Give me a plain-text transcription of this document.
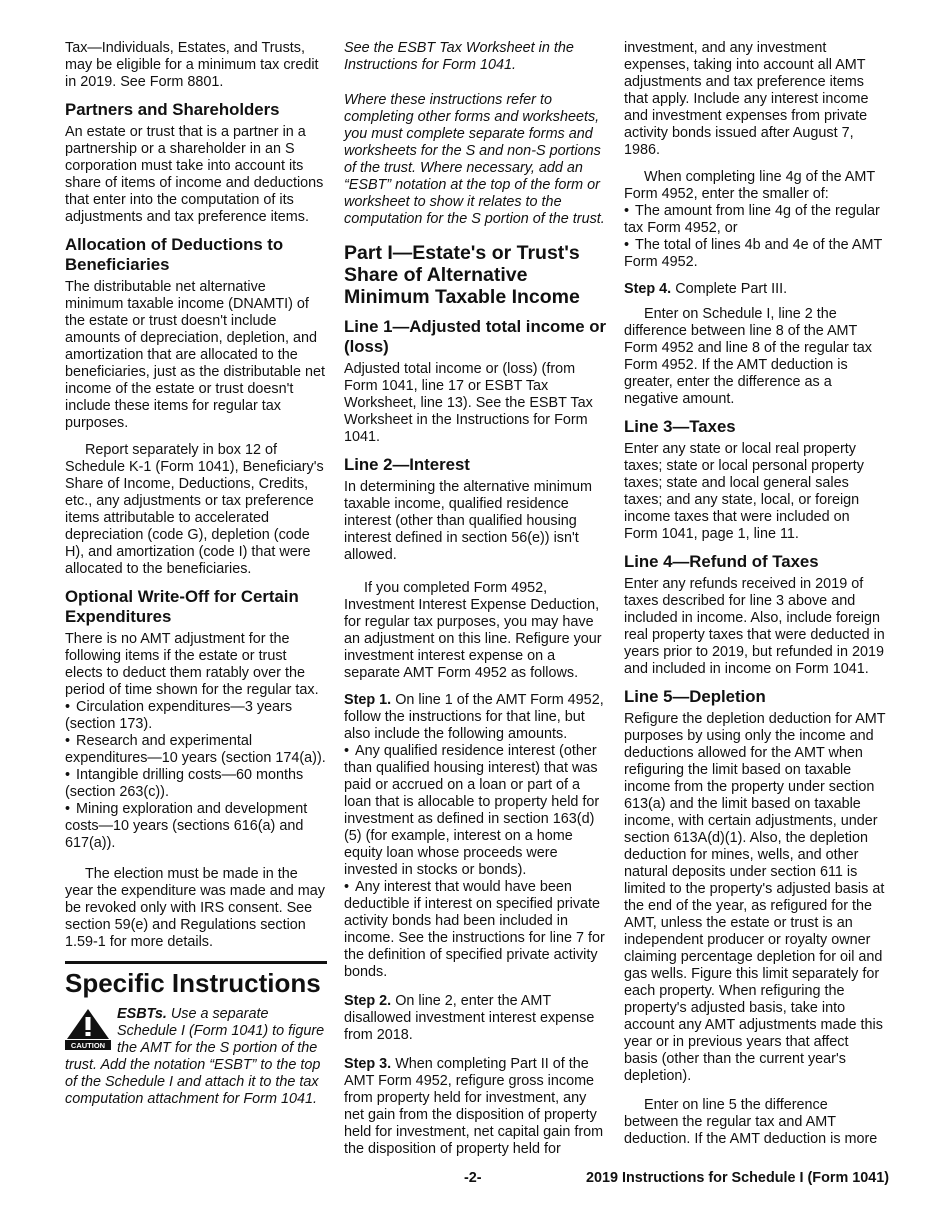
Tax—Individuals, Estates, and Trusts, may be eligible for a minimum tax credit in 2019. See Form 8801.

Partners and Shareholders

An estate or trust that is a partner in a partnership or a shareholder in an S corporation must take into account its share of items of income and deductions that enter into the computation of its adjustments and tax preference items.

Allocation of Deductions to Beneficiaries

The distributable net alternative minimum taxable income (DNAMTI) of the estate or trust doesn't include amounts of depreciation, depletion, and amortization that are allocated to the beneficiaries, just as the distributable net income of the estate or trust doesn't include these items for regular tax purposes.

Report separately in box 12 of Schedule K-1 (Form 1041), Beneficiary's Share of Income, Deductions, Credits, etc., any adjustments or tax preference items attributable to accelerated depreciation (code G), depletion (code H), and amortization (code I) that were allocated to the beneficiaries.

Optional Write-Off for Certain Expenditures

There is no AMT adjustment for the following items if the estate or trust elects to deduct them ratably over the period of time shown for the regular tax.

• Circulation expenditures—3 years (section 173).

• Research and experimental expenditures—10 years (section 174(a)).

• Intangible drilling costs—60 months (section 263(c)).

• Mining exploration and development costs—10 years (sections 616(a) and 617(a)).

The election must be made in the year the expenditure was made and may be revoked only with IRS consent. See section 59(e) and Regulations section 1.59-1 for more details.

Specific Instructions
CAUTION
ESBTs. Use a separate Schedule I (Form 1041) to figure the AMT for the S portion of the trust. Add the notation “ESBT” to the top of the Schedule I and attach it to the tax computation attachment for Form 1041.

See the ESBT Tax Worksheet in the Instructions for Form 1041.

Where these instructions refer to completing other forms and worksheets, you must complete separate forms and worksheets for the S and non-S portions of the trust. Where necessary, add an “ESBT” notation at the top of the form or worksheet to show it relates to the computation for the S portion of the trust.

Part I—Estate's or Trust's Share of Alternative Minimum Taxable Income
Line 1—Adjusted total income or (loss)

Adjusted total income or (loss) (from Form 1041, line 17 or ESBT Tax Worksheet, line 13). See the ESBT Tax Worksheet in the Instructions for Form 1041.

Line 2—Interest

In determining the alternative minimum taxable income, qualified residence interest (other than qualified housing interest defined in section 56(e)) isn't allowed.

If you completed Form 4952, Investment Interest Expense Deduction, for regular tax purposes, you may have an adjustment on this line. Refigure your investment interest expense on a separate AMT Form 4952 as follows.

Step 1. On line 1 of the AMT Form 4952, follow the instructions for that line, but also include the following amounts.

• Any qualified residence interest (other than qualified housing interest) that was paid or accrued on a loan or part of a loan that is allocable to property held for investment as defined in section 163(d)(5) (for example, interest on a home equity loan whose proceeds were invested in stocks or bonds).

• Any interest that would have been deductible if interest on specified private activity bonds had been included in income. See the instructions for line 7 for the definition of specified private activity bonds.

Step 2. On line 2, enter the AMT disallowed investment interest expense from 2018.

Step 3. When completing Part II of the AMT Form 4952, refigure gross income from property held for investment, any net gain from the disposition of property held for investment, net capital gain from the disposition of property held for

investment, and any investment expenses, taking into account all AMT adjustments and tax preference items that apply. Include any interest income and investment expenses from private activity bonds issued after August 7, 1986.

When completing line 4g of the AMT Form 4952, enter the smaller of:

• The amount from line 4g of the regular tax Form 4952, or

• The total of lines 4b and 4e of the AMT Form 4952.

Step 4. Complete Part III.

Enter on Schedule I, line 2 the difference between line 8 of the AMT Form 4952 and line 8 of the regular tax Form 4952. If the AMT deduction is greater, enter the difference as a negative amount.

Line 3—Taxes

Enter any state or local real property taxes; state or local personal property taxes; state and local general sales taxes; and any state, local, or foreign income taxes that were included on Form 1041, page 1, line 11.

Line 4—Refund of Taxes

Enter any refunds received in 2019 of taxes described for line 3 above and included in income. Also, include foreign real property taxes that were deducted in years prior to 2019, but refunded in 2019 and included in income on Form 1041.

Line 5—Depletion

Refigure the depletion deduction for AMT purposes by using only the income and deductions allowed for the AMT when refiguring the limit based on taxable income from the property under section 613(a) and the limit based on taxable income, with certain adjustments, under section 613A(d)(1). Also, the depletion deduction for mines, wells, and other natural deposits under section 611 is limited to the property's adjusted basis at the end of the year, as refigured for the AMT, unless the estate or trust is an independent producer or royalty owner claiming percentage depletion for oil and gas wells. Figure this limit separately for each property. When refiguring the property's adjusted basis, take into account any AMT adjustments made this year or in previous years that affect basis (other than the current year's depletion).

Enter on line 5 the difference between the regular tax and AMT deduction. If the AMT deduction is more

-2-	2019 Instructions for Schedule I (Form 1041)
